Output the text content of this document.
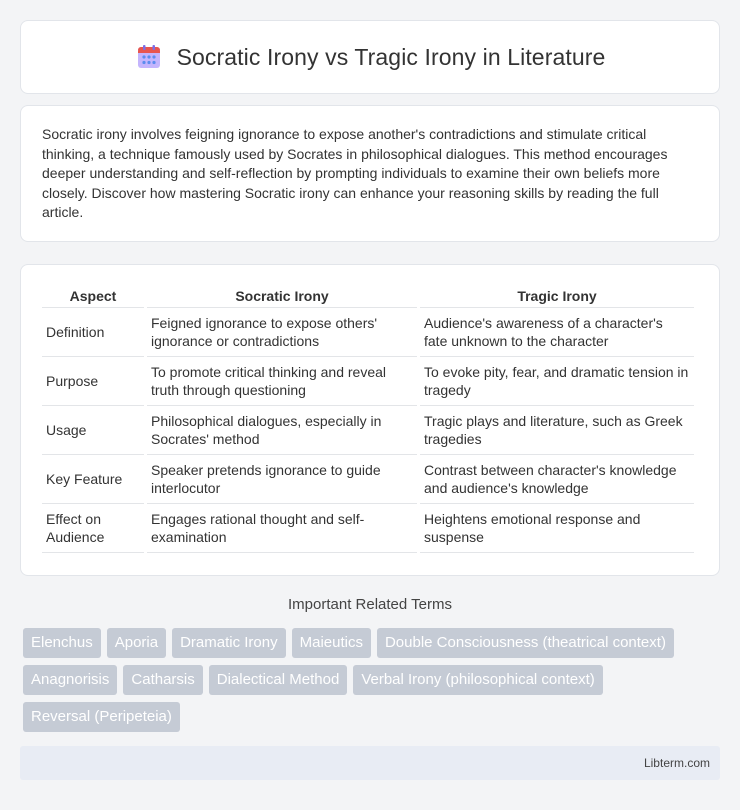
Socratic Irony vs Tragic Irony in Literature

Socratic irony involves feigning ignorance to expose another's contradictions and stimulate critical thinking, a technique famously used by Socrates in philosophical dialogues. This method encourages deeper understanding and self-reflection by prompting individuals to examine their own beliefs more closely. Discover how mastering Socratic irony can enhance your reasoning skills by reading the full article.

Aspect	Socratic Irony	Tragic Irony
Definition	Feigned ignorance to expose others' ignorance or contradictions	Audience's awareness of a character's fate unknown to the character
Purpose	To promote critical thinking and reveal truth through questioning	To evoke pity, fear, and dramatic tension in tragedy
Usage	Philosophical dialogues, especially in Socrates' method	Tragic plays and literature, such as Greek tragedies
Key Feature	Speaker pretends ignorance to guide interlocutor	Contrast between character's knowledge and audience's knowledge
Effect on Audience	Engages rational thought and self-examination	Heightens emotional response and suspense
Important Related Terms
Elenchus	Aporia	Dramatic Irony	Maieutics	Double Consciousness (theatrical context)
Anagnorisis	Catharsis	Dialectical Method	Verbal Irony (philosophical context)
Reversal (Peripeteia)
Libterm.com
